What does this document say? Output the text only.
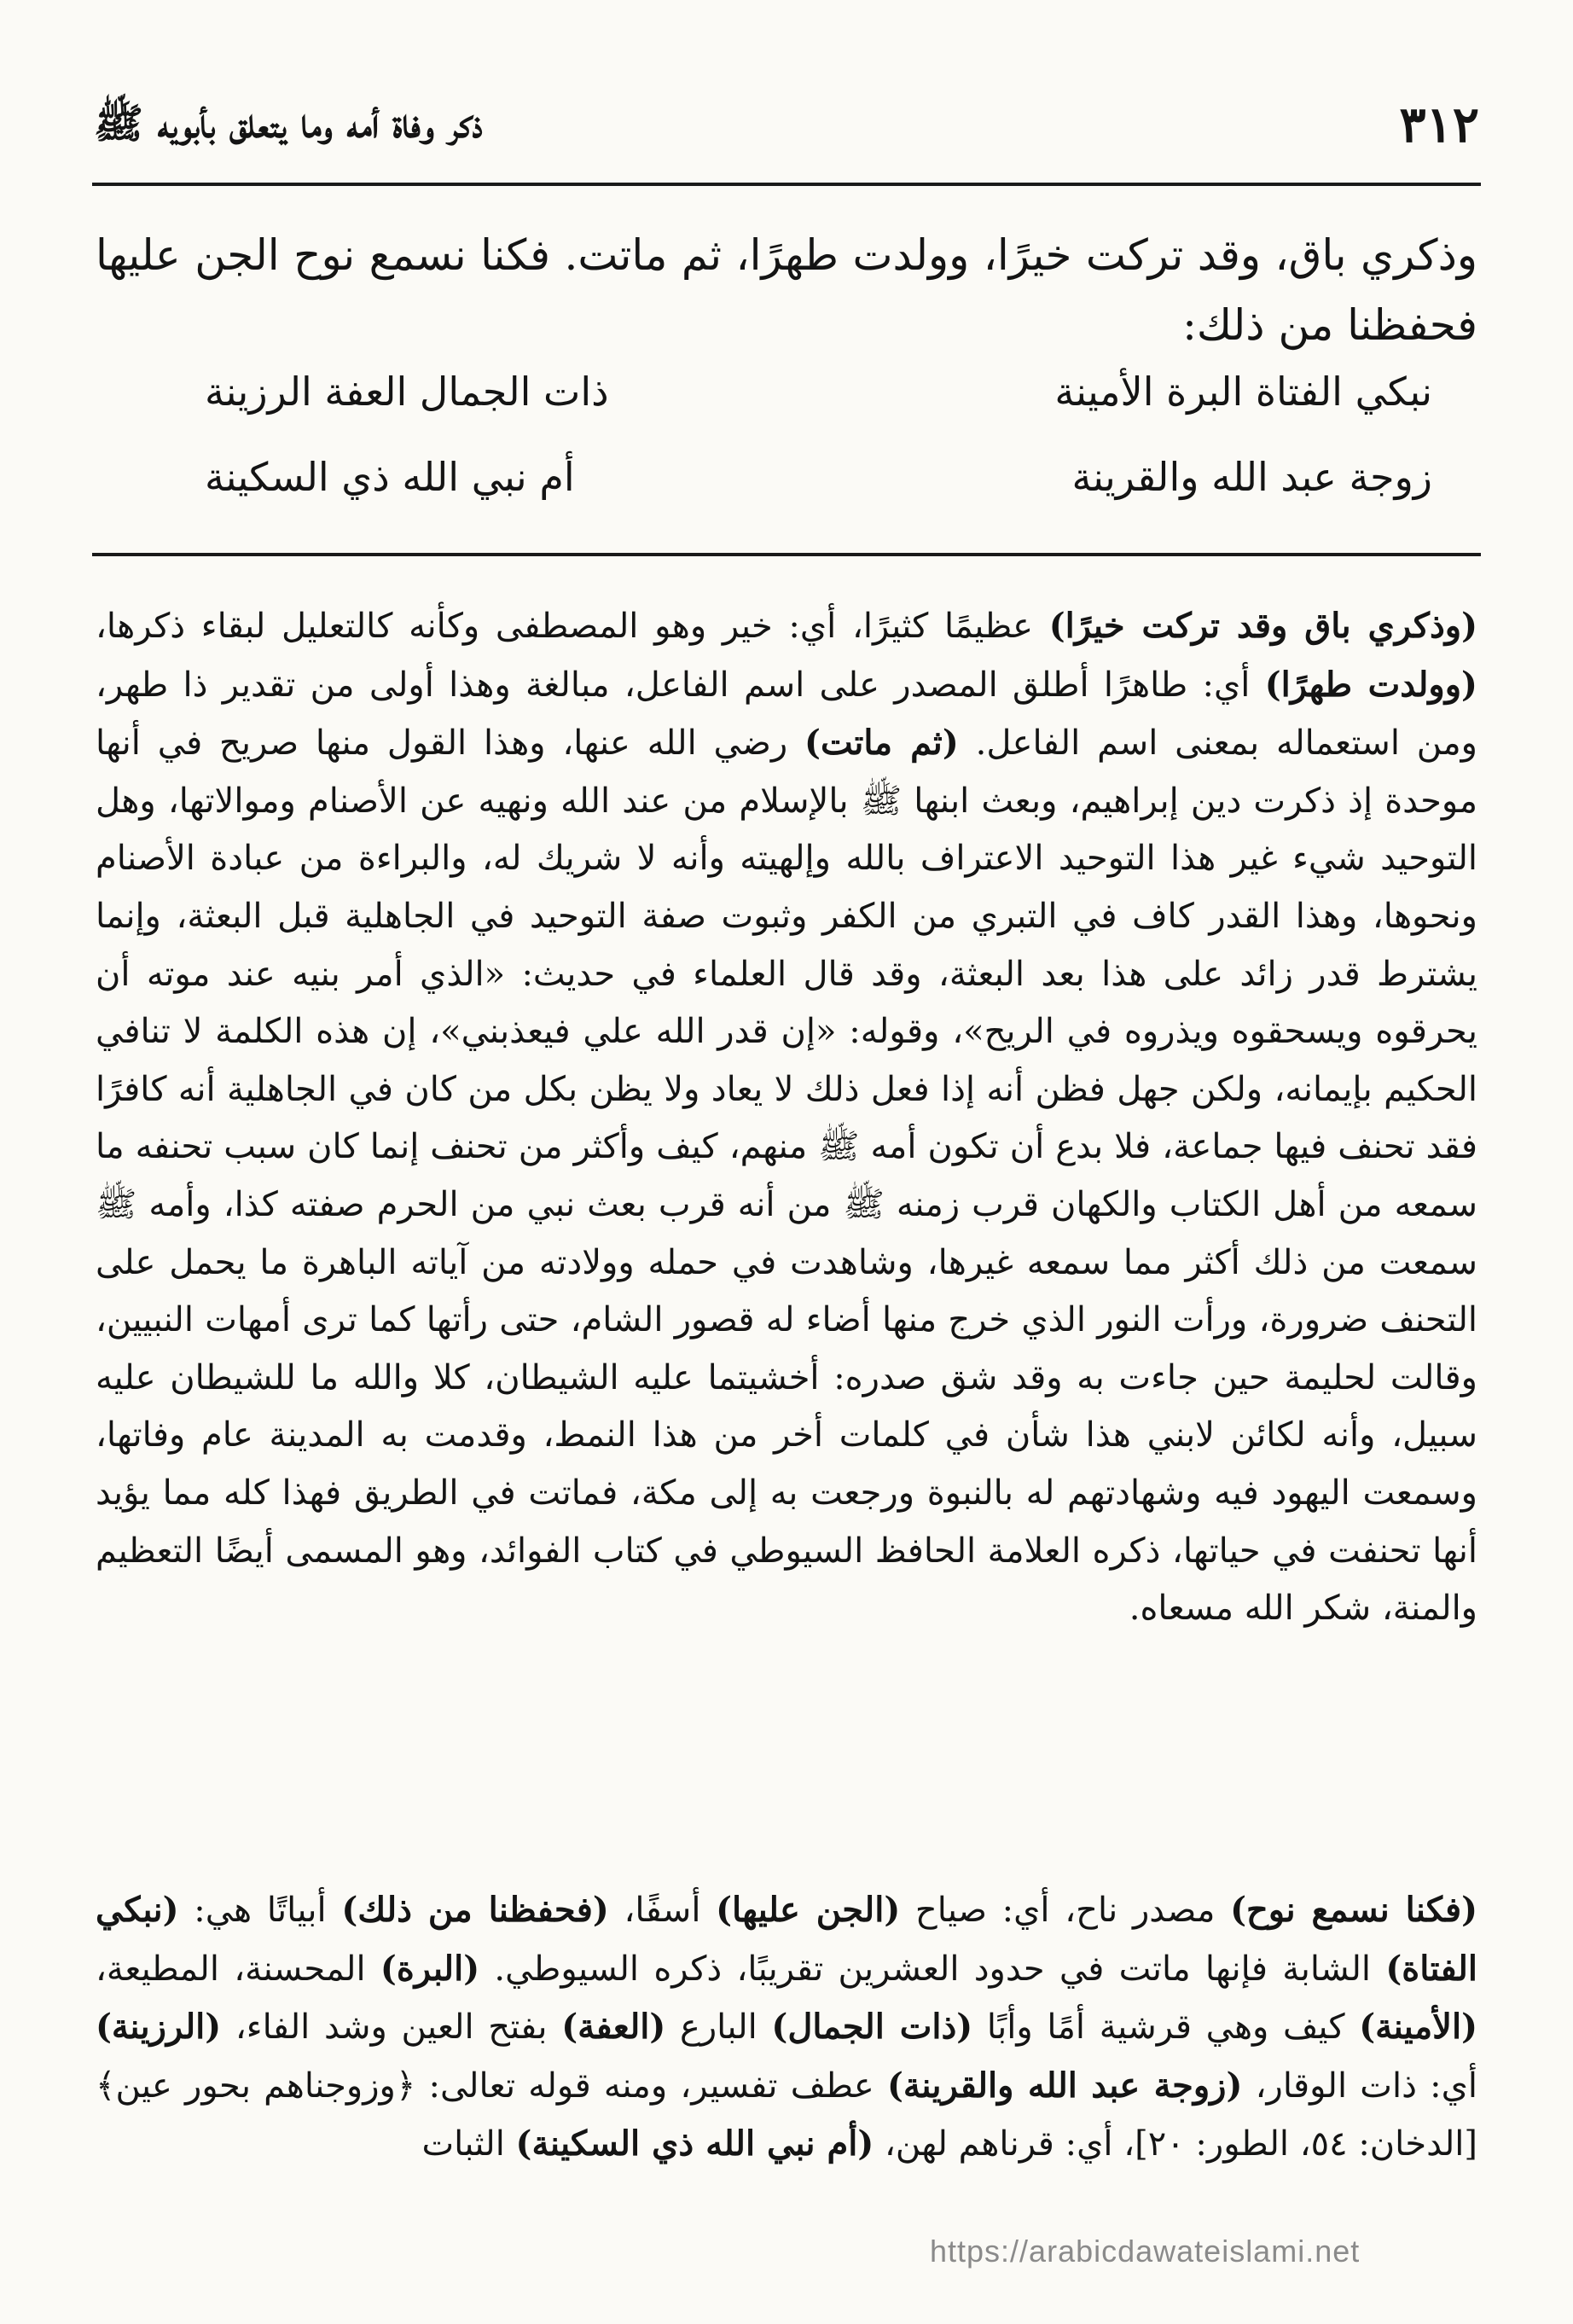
٣١٢
ذكر وفاة أمه وما يتعلق بأبويه ﷺ

وذكري باق، وقد تركت خيرًا، وولدت طهرًا، ثم ماتت. فكنا نسمع نوح الجن عليها فحفظنا من ذلك:

نبكي الفتاة البرة الأمينة
ذات الجمال العفة الرزينة
زوجة عبد الله والقرينة
أم نبي الله ذي السكينة

(وذكري باق وقد تركت خيرًا) عظيمًا كثيرًا، أي: خير وهو المصطفى وكأنه كالتعليل لبقاء ذكرها، (وولدت طهرًا) أي: طاهرًا أطلق المصدر على اسم الفاعل، مبالغة وهذا أولى من تقدير ذا طهر، ومن استعماله بمعنى اسم الفاعل. (ثم ماتت) رضي الله عنها، وهذا القول منها صريح في أنها موحدة إذ ذكرت دين إبراهيم، وبعث ابنها ﷺ بالإسلام من عند الله ونهيه عن الأصنام وموالاتها، وهل التوحيد شيء غير هذا التوحيد الاعتراف بالله وإلهيته وأنه لا شريك له، والبراءة من عبادة الأصنام ونحوها، وهذا القدر كاف في التبري من الكفر وثبوت صفة التوحيد في الجاهلية قبل البعثة، وإنما يشترط قدر زائد على هذا بعد البعثة، وقد قال العلماء في حديث: «الذي أمر بنيه عند موته أن يحرقوه ويسحقوه ويذروه في الريح»، وقوله: «إن قدر الله علي فيعذبني»، إن هذه الكلمة لا تنافي الحكيم بإيمانه، ولكن جهل فظن أنه إذا فعل ذلك لا يعاد ولا يظن بكل من كان في الجاهلية أنه كافرًا فقد تحنف فيها جماعة، فلا بدع أن تكون أمه ﷺ منهم، كيف وأكثر من تحنف إنما كان سبب تحنفه ما سمعه من أهل الكتاب والكهان قرب زمنه ﷺ من أنه قرب بعث نبي من الحرم صفته كذا، وأمه ﷺ سمعت من ذلك أكثر مما سمعه غيرها، وشاهدت في حمله وولادته من آياته الباهرة ما يحمل على التحنف ضرورة، ورأت النور الذي خرج منها أضاء له قصور الشام، حتى رأتها كما ترى أمهات النبيين، وقالت لحليمة حين جاءت به وقد شق صدره: أخشيتما عليه الشيطان، كلا والله ما للشيطان عليه سبيل، وأنه لكائن لابني هذا شأن في كلمات أخر من هذا النمط، وقدمت به المدينة عام وفاتها، وسمعت اليهود فيه وشهادتهم له بالنبوة ورجعت به إلى مكة، فماتت في الطريق فهذا كله مما يؤيد أنها تحنفت في حياتها، ذكره العلامة الحافظ السيوطي في كتاب الفوائد، وهو المسمى أيضًا التعظيم والمنة، شكر الله مسعاه.

(فكنا نسمع نوح) مصدر ناح، أي: صياح (الجن عليها) أسفًا، (فحفظنا من ذلك) أبياتًا هي: (نبكي الفتاة) الشابة فإنها ماتت في حدود العشرين تقريبًا، ذكره السيوطي. (البرة) المحسنة، المطيعة، (الأمينة) كيف وهي قرشية أمًا وأبًا (ذات الجمال) البارع (العفة) بفتح العين وشد الفاء، (الرزينة) أي: ذات الوقار، (زوجة عبد الله والقرينة) عطف تفسير، ومنه قوله تعالى: ﴿وزوجناهم بحور عين﴾ [الدخان: ٥٤، الطور: ٢٠]، أي: قرناهم لهن، (أم نبي الله ذي السكينة) الثبات

https://arabicdawateislami.net
